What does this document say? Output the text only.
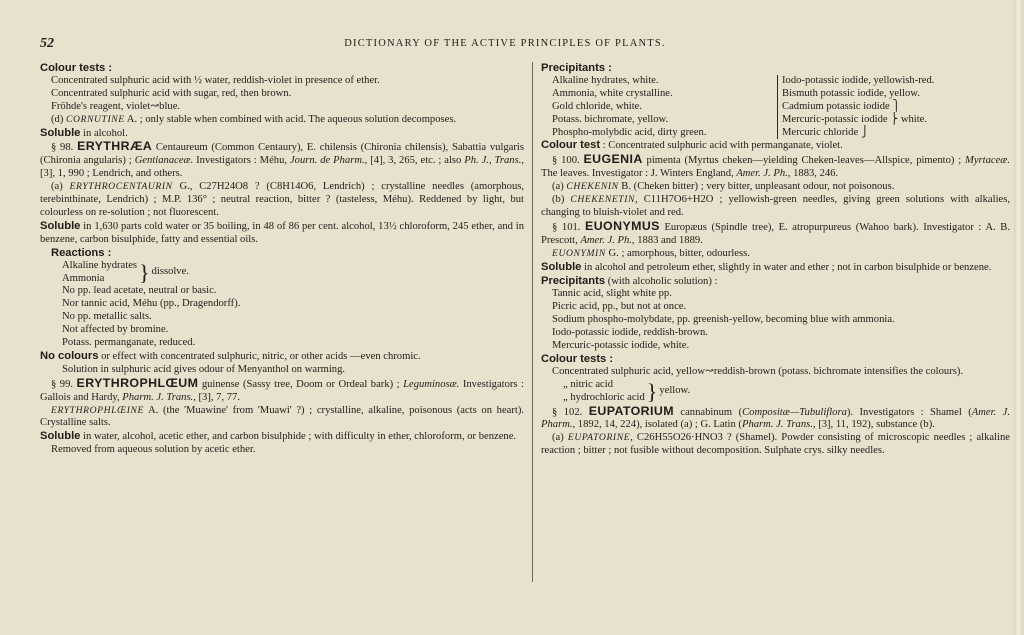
52	DICTIONARY OF THE ACTIVE PRINCIPLES OF PLANTS.
Colour tests :

Concentrated sulphuric acid with ½ water, reddish-violet in presence of ether.

Concentrated sulphuric acid with sugar, red, then brown.

Fröhde's reagent, violet↝blue.

(d) CORNUTINE A. ; only stable when combined with acid. The aqueous solution decomposes.

Soluble in alcohol.

§ 98. ERYTHRÆA Centaureum (Common Centaury), E. chilensis (Chironia chilensis), Sabattia vulgaris (Chironia angularis) ; Gentianaceæ. Investigators : Méhu, Journ. de Pharm., [4], 3, 265, etc. ; also Ph. J., Trans., [3], 1, 990 ; Lendrich, and others.

(a) ERYTHROCENTAURIN G., C27H24O8 ? (C8H14O6, Lendrich) ; crystalline needles (amorphous, terebinthinate, Lendrich) ; M.P. 136° ; neutral reaction, bitter ? (tasteless, Méhu). Reddened by light, but colourless on re-solution ; not fluorescent.

Soluble in 1,630 parts cold water or 35 boiling, in 48 of 86 per cent. alcohol, 13½ chloroform, 245 ether, and in benzene, carbon bisulphide, fatty and essential oils.

Reactions :
Alkaline hydrates
Ammonia	} dissolve.

No pp. lead acetate, neutral or basic.

Nor tannic acid, Méhu (pp., Dragendorff).

No pp. metallic salts.

Not affected by bromine.

Potass. permanganate, reduced.

No colours or effect with concentrated sulphuric, nitric, or other acids —even chromic.

Solution in sulphuric acid gives odour of Menyanthol on warming.

§ 99. ERYTHROPHLŒUM guinense (Sassy tree, Doom or Ordeal bark) ; Leguminosæ. Investigators : Gallois and Hardy, Pharm. J. Trans., [3], 7, 77.

ERYTHROPHLŒINE A. (the 'Muawine' from 'Muawi' ?) ; crystalline, alkaline, poisonous (acts on heart). Crystalline salts.

Soluble in water, alcohol, acetic ether, and carbon bisulphide ; with difficulty in ether, chloroform, or benzene.

Removed from aqueous solution by acetic ether.

Precipitants :
Alkaline hydrates, white.
Ammonia, white crystalline.
Gold chloride, white.
Potass. bichromate, yellow.
Phospho-molybdic acid, dirty green.
Iodo-potassic iodide, yellowish-red.
Bismuth potassic iodide, yellow.
Cadmium potassic iodide ⎫
Mercuric-potassic iodide ⎬ white.
Mercuric chloride ⎭

Colour test : Concentrated sulphuric acid with permanganate, violet.

§ 100. EUGENIA pimenta (Myrtus cheken—yielding Cheken-leaves—Allspice, pimento) ; Myrtaceæ. The leaves. Investigator : J. Winters England, Amer. J. Ph., 1883, 246.

(a) CHEKENIN B. (Cheken bitter) ; very bitter, unpleasant odour, not poisonous.

(b) CHEKENETIN, C11H7O6+H2O ; yellowish-green needles, giving green solutions with alkalies, changing to bluish-violet and red.

§ 101. EUONYMUS Europæus (Spindle tree), E. atropurpureus (Wahoo bark). Investigator : A. B. Prescott, Amer. J. Ph., 1883 and 1889.

EUONYMIN G. ; amorphous, bitter, odourless.

Soluble in alcohol and petroleum ether, slightly in water and ether ; not in carbon bisulphide or benzene.

Precipitants (with alcoholic solution) :

Tannic acid, slight white pp.

Picric acid, pp., but not at once.

Sodium phospho-molybdate, pp. greenish-yellow, becoming blue with ammonia.

Iodo-potassic iodide, reddish-brown.

Mercuric-potassic iodide, white.

Colour tests :

Concentrated sulphuric acid, yellow↝reddish-brown (potass. bichromate intensifies the colours).

„ nitric acid
„ hydrochloric acid } yellow.

§ 102. EUPATORIUM cannabinum (Compositæ—Tubuliflora). Investigators : Shamel (Amer. J. Pharm., 1892, 14, 224), isolated (a) ; G. Latin (Pharm. J. Trans., [3], 11, 192), substance (b).

(a) EUPATORINE, C26H55O26·HNO3 ? (Shamel). Powder consisting of microscopic needles ; alkaline reaction ; bitter ; not fusible without decomposition. Sulphate crys. silky needles.
